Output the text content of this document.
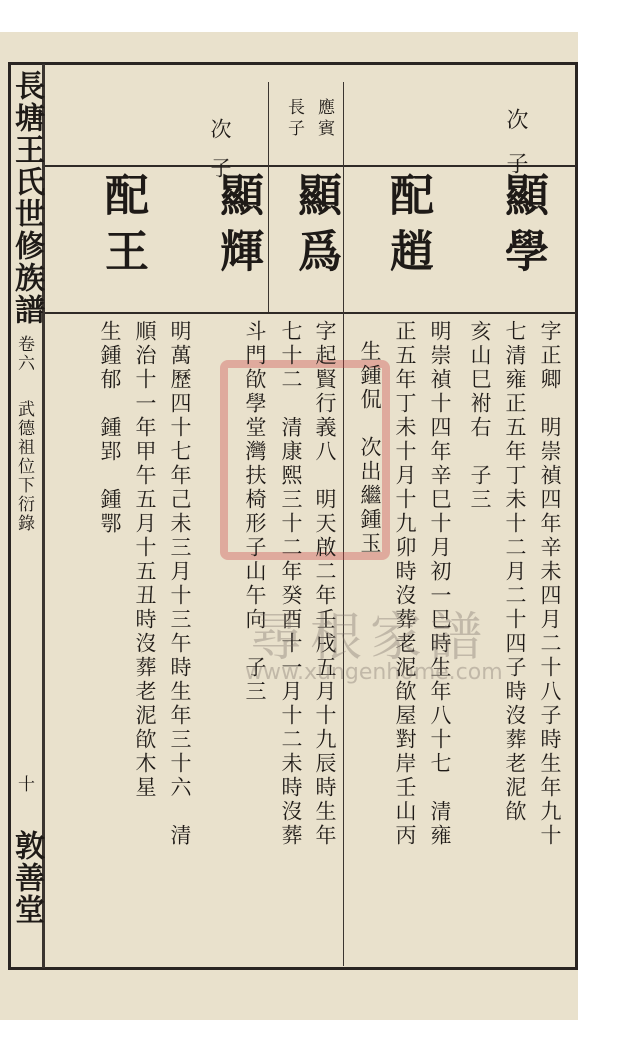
長塘王氏世修族譜
卷六
武德祖位下衍錄
十
敦善堂
次子
應賓
長子
次子
顯學
配趙
顯爲
顯輝
配王
字正卿　明崇禎四年辛未四月二十八子時生年九十
七清雍正五年丁未十二月二十四子時沒葬老泥欿
亥山巳袝右　子三
明崇禎十四年辛巳十月初一巳時生年八十七　清雍
正五年丁未十月十九卯時沒葬老泥欿屋對岸壬山丙
生鍾侃　次出繼鍾玉
字起賢行義八　明天啟二年壬戌五月十九辰時生年
七十二　清康熙三十二年癸酉十一月十二未時沒葬
斗門欿學堂灣扶椅形子山午向　子三
明萬歷四十七年己未三月十三午時生年三十六　清
順治十一年甲午五月十五丑時沒葬老泥欿木星
生鍾郁　鍾郢　鍾鄂
尋根家譜
www.xungenhome.com
